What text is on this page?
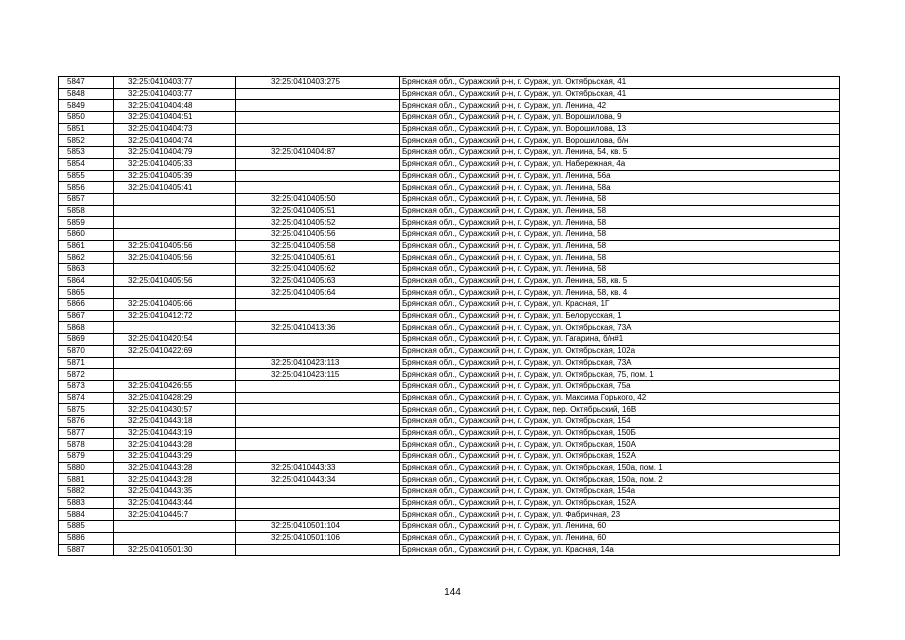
5847	32:25:0410403:77	32:25:0410403:275	Брянская обл., Суражский р-н, г. Сураж, ул. Октябрьская, 41
5848	32:25:0410403:77		Брянская обл., Суражский р-н, г. Сураж, ул. Октябрьская, 41
5849	32:25:0410404:48		Брянская обл., Суражский р-н, г. Сураж, ул. Ленина, 42
5850	32:25:0410404:51		Брянская обл., Суражский р-н, г. Сураж, ул. Ворошилова, 9
5851	32:25:0410404:73		Брянская обл., Суражский р-н, г. Сураж, ул. Ворошилова, 13
5852	32:25:0410404:74		Брянская обл., Суражский р-н, г. Сураж, ул. Ворошилова, б/н
5853	32:25:0410404:79	32:25:0410404:87	Брянская обл., Суражский р-н, г. Сураж, ул. Ленина, 54, кв. 5
5854	32:25:0410405:33		Брянская обл., Суражский р-н, г. Сураж, ул. Набережная, 4а
5855	32:25:0410405:39		Брянская обл., Суражский р-н, г. Сураж, ул. Ленина, 56а
5856	32:25:0410405:41		Брянская обл., Суражский р-н, г. Сураж, ул. Ленина, 58а
5857		32:25:0410405:50	Брянская обл., Суражский р-н, г. Сураж, ул. Ленина, 58
5858		32:25:0410405:51	Брянская обл., Суражский р-н, г. Сураж, ул. Ленина, 58
5859		32:25:0410405:52	Брянская обл., Суражский р-н, г. Сураж, ул. Ленина, 58
5860		32:25:0410405:56	Брянская обл., Суражский р-н, г. Сураж, ул. Ленина, 58
5861	32:25:0410405:56	32:25:0410405:58	Брянская обл., Суражский р-н, г. Сураж, ул. Ленина, 58
5862	32:25:0410405:56	32:25:0410405:61	Брянская обл., Суражский р-н, г. Сураж, ул. Ленина, 58
5863		32:25:0410405:62	Брянская обл., Суражский р-н, г. Сураж, ул. Ленина, 58
5864	32:25:0410405:56	32:25:0410405:63	Брянская обл., Суражский р-н, г. Сураж, ул. Ленина, 58, кв. 5
5865		32:25:0410405:64	Брянская обл., Суражский р-н, г. Сураж, ул. Ленина, 58, кв. 4
5866	32:25:0410405:66		Брянская обл., Суражский р-н, г. Сураж, ул. Красная, 1Г
5867	32:25:0410412:72		Брянская обл., Суражский р-н, г. Сураж, ул. Белорусская, 1
5868		32:25:0410413:36	Брянская обл., Суражский р-н, г. Сураж, ул. Октябрьская, 73А
5869	32:25:0410420:54		Брянская обл., Суражский р-н, г. Сураж, ул. Гагарина, б/н#1
5870	32:25:0410422:69		Брянская обл., Суражский р-н, г. Сураж, ул. Октябрьская, 102а
5871		32:25:0410423:113	Брянская обл., Суражский р-н, г. Сураж, ул. Октябрьская, 73А
5872		32:25:0410423:115	Брянская обл., Суражский р-н, г. Сураж, ул. Октябрьская, 75, пом. 1
5873	32:25:0410426:55		Брянская обл., Суражский р-н, г. Сураж, ул. Октябрьская, 75а
5874	32:25:0410428:29		Брянская обл., Суражский р-н, г. Сураж, ул. Максима Горького, 42
5875	32:25:0410430:57		Брянская обл., Суражский р-н, г. Сураж, пер. Октябрьский, 16В
5876	32:25:0410443:18		Брянская обл., Суражский р-н, г. Сураж, ул. Октябрьская, 154
5877	32:25:0410443:19		Брянская обл., Суражский р-н, г. Сураж, ул. Октябрьская, 150Б
5878	32:25:0410443:28		Брянская обл., Суражский р-н, г. Сураж, ул. Октябрьская, 150А
5879	32:25:0410443:29		Брянская обл., Суражский р-н, г. Сураж, ул. Октябрьская, 152А
5880	32:25:0410443:28	32:25:0410443:33	Брянская обл., Суражский р-н, г. Сураж, ул. Октябрьская, 150а, пом. 1
5881	32:25:0410443:28	32:25:0410443:34	Брянская обл., Суражский р-н, г. Сураж, ул. Октябрьская, 150а, пом. 2
5882	32:25:0410443:35		Брянская обл., Суражский р-н, г. Сураж, ул. Октябрьская, 154а
5883	32:25:0410443:44		Брянская обл., Суражский р-н, г. Сураж, ул. Октябрьская, 152А
5884	32:25:0410445:7		Брянская обл., Суражский р-н, г. Сураж, ул. Фабричная, 23
5885		32:25:0410501:104	Брянская обл., Суражский р-н, г. Сураж, ул. Ленина, 60
5886		32:25:0410501:106	Брянская обл., Суражский р-н, г. Сураж, ул. Ленина, 60
5887	32:25:0410501:30		Брянская обл., Суражский р-н, г. Сураж, ул. Красная, 14а
144
